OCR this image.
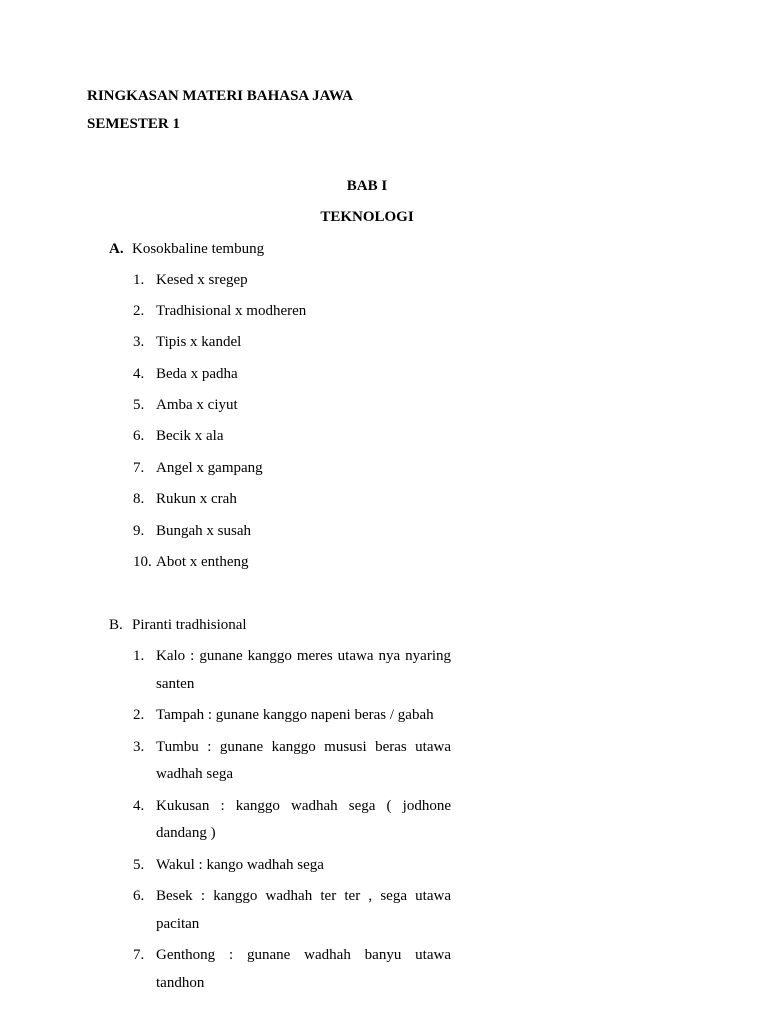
RINGKASAN MATERI BAHASA JAWA
SEMESTER 1
BAB I
TEKNOLOGI
A. Kosokbaline tembung
1. Kesed x sregep
2. Tradhisional x modheren
3. Tipis x kandel
4. Beda x padha
5. Amba x ciyut
6. Becik x ala
7. Angel x gampang
8. Rukun x crah
9. Bungah x susah
10. Abot x entheng
B. Piranti tradhisional
1. Kalo : gunane kanggo meres utawa nya nyaring
santen
2. Tampah : gunane kanggo napeni beras / gabah
3. Tumbu : gunane kanggo mususi beras utawa
wadhah sega
4. Kukusan : kanggo wadhah sega ( jodhone
dandang )
5. Wakul : kango wadhah sega
6. Besek : kanggo wadhah ter ter , sega utawa
pacitan
7. Genthong : gunane wadhah banyu utawa
tandhon
